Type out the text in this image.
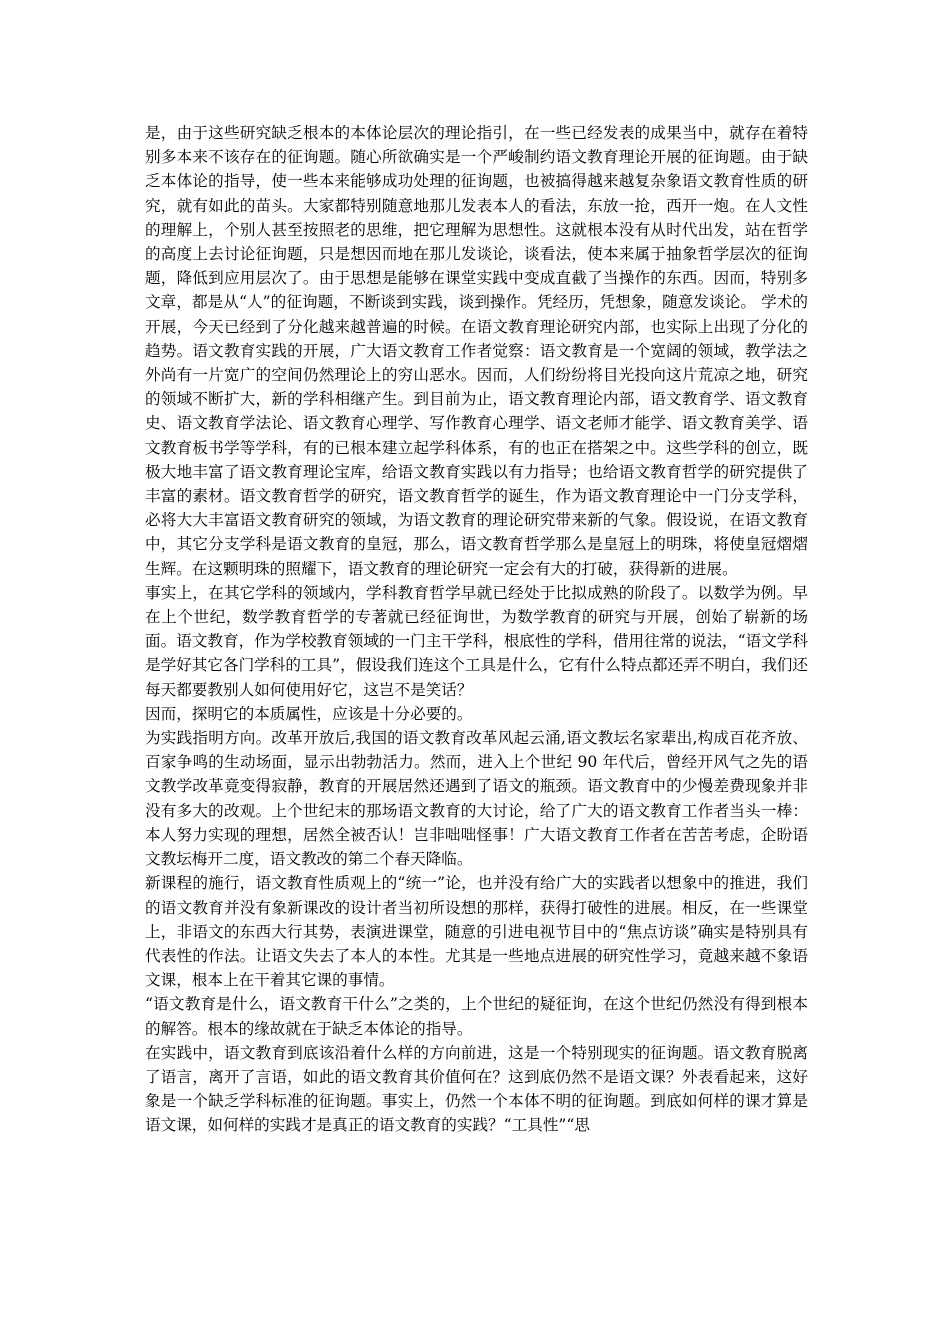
是，由于这些研究缺乏根本的本体论层次的理论指引，在一些已经发表的成果当中，就存在着特别多本来不该存在的征询题。随心所欲确实是一个严峻制约语文教育理论开展的征询题。由于缺乏本体论的指导，使一些本来能够成功处理的征询题，也被搞得越来越复杂象语文教育性质的研究，就有如此的苗头。大家都特别随意地那儿发表本人的看法，东放一抢，西开一炮。在人文性的理解上，个别人甚至按照老的思维，把它理解为思想性。这就根本没有从时代出发，站在哲学的高度上去讨论征询题，只是想因而地在那儿发谈论，谈看法，使本来属于抽象哲学层次的征询题，降低到应用层次了。由于思想是能够在课堂实践中变成直截了当操作的东西。因而，特别多文章，都是从“人”的征询题，不断谈到实践，谈到操作。凭经历，凭想象，随意发谈论。 学术的开展，今天已经到了分化越来越普遍的时候。在语文教育理论研究内部，也实际上出现了分化的趋势。语文教育实践的开展，广大语文教育工作者觉察：语文教育是一个宽阔的领域，教学法之外尚有一片宽广的空间仍然理论上的穷山恶水。因而，人们纷纷将目光投向这片荒凉之地，研究的领域不断扩大，新的学科相继产生。到目前为止，语文教育理论内部，语文教育学、语文教育史、语文教育学法论、语文教育心理学、写作教育心理学、语文老师才能学、语文教育美学、语文教育板书学等学科，有的已根本建立起学科体系，有的也正在搭架之中。这些学科的创立，既极大地丰富了语文教育理论宝库，给语文教育实践以有力指导；也给语文教育哲学的研究提供了丰富的素材。语文教育哲学的研究，语文教育哲学的诞生，作为语文教育理论中一门分支学科，必将大大丰富语文教育研究的领域，为语文教育的理论研究带来新的气象。假设说，在语文教育中，其它分支学科是语文教育的皇冠，那么，语文教育哲学那么是皇冠上的明珠，将使皇冠熠熠生辉。在这颗明珠的照耀下，语文教育的理论研究一定会有大的打破，获得新的进展。

事实上，在其它学科的领域内，学科教育哲学早就已经处于比拟成熟的阶段了。以数学为例。早在上个世纪，数学教育哲学的专著就已经征询世，为数学教育的研究与开展，创始了崭新的场面。语文教育，作为学校教育领域的一门主干学科，根底性的学科，借用往常的说法，“语文学科是学好其它各门学科的工具”，假设我们连这个工具是什么，它有什么特点都还弄不明白，我们还每天都要教别人如何使用好它，这岂不是笑话？

因而，探明它的本质属性，应该是十分必要的。

为实践指明方向。改革开放后,我国的语文教育改革风起云涌,语文教坛名家辈出,构成百花齐放、百家争鸣的生动场面，显示出勃勃活力。然而，进入上个世纪 90 年代后，曾经开风气之先的语文教学改革竟变得寂静，教育的开展居然还遇到了语文的瓶颈。语文教育中的少慢差费现象并非没有多大的改观。上个世纪末的那场语文教育的大讨论，给了广大的语文教育工作者当头一棒：本人努力实现的理想，居然全被否认！岂非咄咄怪事！广大语文教育工作者在苦苦考虑，企盼语文教坛梅开二度，语文教改的第二个春天降临。

新课程的施行，语文教育性质观上的“统一”论，也并没有给广大的实践者以想象中的推进，我们的语文教育并没有象新课改的设计者当初所设想的那样，获得打破性的进展。相反，在一些课堂上，非语文的东西大行其势，表演进课堂，随意的引进电视节目中的“焦点访谈”确实是特别具有代表性的作法。让语文失去了本人的本性。尤其是一些地点进展的研究性学习，竟越来越不象语文课，根本上在干着其它课的事情。

“语文教育是什么，语文教育干什么”之类的，上个世纪的疑征询，在这个世纪仍然没有得到根本的解答。根本的缘故就在于缺乏本体论的指导。

在实践中，语文教育到底该沿着什么样的方向前进，这是一个特别现实的征询题。语文教育脱离了语言，离开了言语，如此的语文教育其价值何在？这到底仍然不是语文课？外表看起来，这好象是一个缺乏学科标准的征询题。事实上，仍然一个本体不明的征询题。到底如何样的课才算是语文课，如何样的实践才是真正的语文教育的实践？“工具性”“思
